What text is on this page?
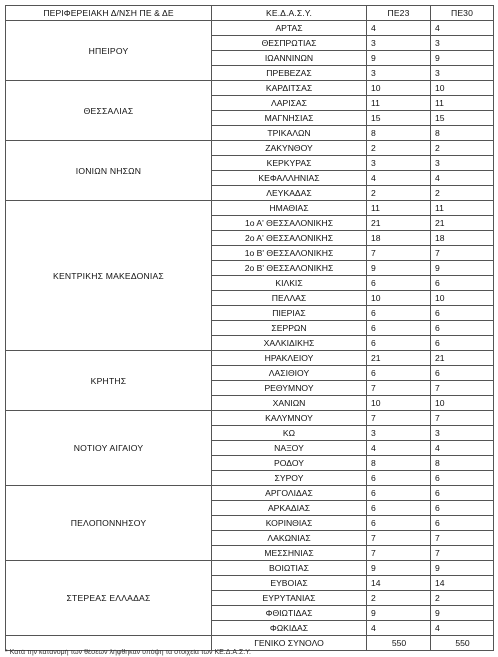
ΠΕΡΙΦΕΡΕΙΑΚΗ Δ/ΝΣΗ ΠΕ & ΔΕ	ΚΕ.Δ.Α.Σ.Υ.	ΠΕ23	ΠΕ30
ΗΠΕΙΡΟΥ	ΑΡΤΑΣ	4	4
	ΘΕΣΠΡΩΤΙΑΣ	3	3
	ΙΩΑΝΝΙΝΩΝ	9	9
	ΠΡΕΒΕΖΑΣ	3	3
ΘΕΣΣΑΛΙΑΣ	ΚΑΡΔΙΤΣΑΣ	10	10
	ΛΑΡΙΣΑΣ	11	11
	ΜΑΓΝΗΣΙΑΣ	15	15
	ΤΡΙΚΑΛΩΝ	8	8
ΙΟΝΙΩΝ ΝΗΣΩΝ	ΖΑΚΥΝΘΟΥ	2	2
	ΚΕΡΚΥΡΑΣ	3	3
	ΚΕΦΑΛΛΗΝΙΑΣ	4	4
	ΛΕΥΚΑΔΑΣ	2	2
ΚΕΝΤΡΙΚΗΣ ΜΑΚΕΔΟΝΙΑΣ	ΗΜΑΘΙΑΣ	11	11
	1ο Α' ΘΕΣΣΑΛΟΝΙΚΗΣ	21	21
	2ο Α' ΘΕΣΣΑΛΟΝΙΚΗΣ	18	18
	1ο Β' ΘΕΣΣΑΛΟΝΙΚΗΣ	7	7
	2ο Β' ΘΕΣΣΑΛΟΝΙΚΗΣ	9	9
	ΚΙΛΚΙΣ	6	6
	ΠΕΛΛΑΣ	10	10
	ΠΙΕΡΙΑΣ	6	6
	ΣΕΡΡΩΝ	6	6
	ΧΑΛΚΙΔΙΚΗΣ	6	6
ΚΡΗΤΗΣ	ΗΡΑΚΛΕΙΟΥ	21	21
	ΛΑΣΙΘΙΟΥ	6	6
	ΡΕΘΥΜΝΟΥ	7	7
	ΧΑΝΙΩΝ	10	10
ΝΟΤΙΟΥ ΑΙΓΑΙΟΥ	ΚΑΛΥΜΝΟΥ	7	7
	ΚΩ	3	3
	ΝΑΞΟΥ	4	4
	ΡΟΔΟΥ	8	8
	ΣΥΡΟΥ	6	6
ΠΕΛΟΠΟΝΝΗΣΟΥ	ΑΡΓΟΛΙΔΑΣ	6	6
	ΑΡΚΑΔΙΑΣ	6	6
	ΚΟΡΙΝΘΙΑΣ	6	6
	ΛΑΚΩΝΙΑΣ	7	7
	ΜΕΣΣΗΝΙΑΣ	7	7
ΣΤΕΡΕΑΣ ΕΛΛΑΔΑΣ	ΒΟΙΩΤΙΑΣ	9	9
	ΕΥΒΟΙΑΣ	14	14
	ΕΥΡΥΤΑΝΙΑΣ	2	2
	ΦΘΙΩΤΙΔΑΣ	9	9
	ΦΩΚΙΔΑΣ	4	4
	ΓΕΝΙΚΟ ΣΥΝΟΛΟ	550	550
* Κατά την κατανομή των θέσεων λήφθηκαν υπόψη τα στοιχεία των ΚΕ.Δ.Α.Σ.Υ.
